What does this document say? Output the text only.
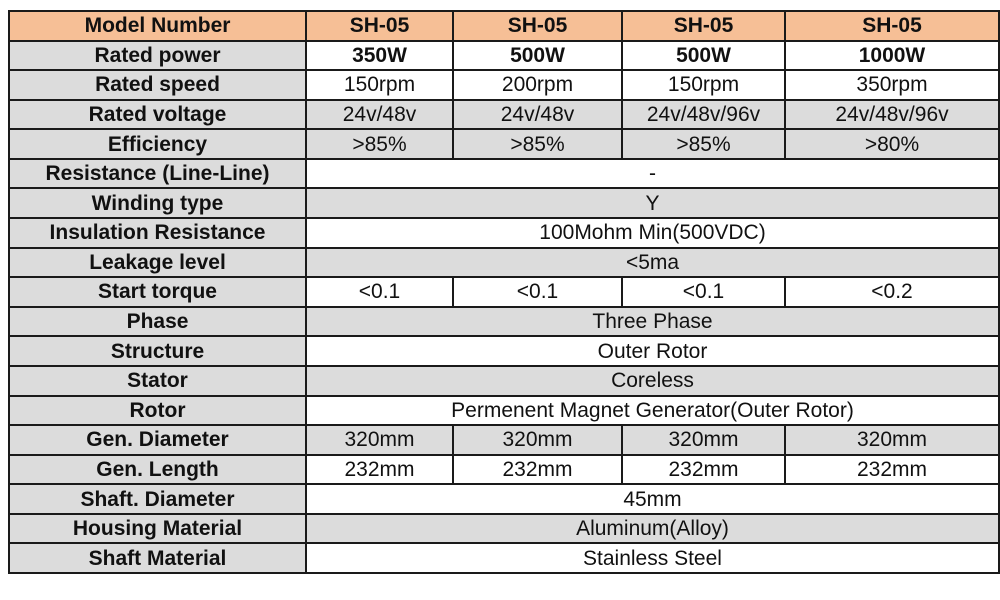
Model Number	SH-05	SH-05	SH-05	SH-05
Rated power	350W	500W	500W	1000W
Rated speed	150rpm	200rpm	150rpm	350rpm
Rated voltage	24v/48v	24v/48v	24v/48v/96v	24v/48v/96v
Efficiency	>85%	>85%	>85%	>80%
Resistance (Line-Line)	-			
Winding type	Y			
Insulation Resistance	100Mohm Min(500VDC)			
Leakage level	<5ma			
Start torque	<0.1	<0.1	<0.1	<0.2
Phase	Three Phase			
Structure	Outer Rotor			
Stator	Coreless			
Rotor	Permenent Magnet Generator(Outer Rotor)			
Gen. Diameter	320mm	320mm	320mm	320mm
Gen. Length	232mm	232mm	232mm	232mm
Shaft. Diameter	45mm			
Housing Material	Aluminum(Alloy)			
Shaft Material	Stainless Steel			
